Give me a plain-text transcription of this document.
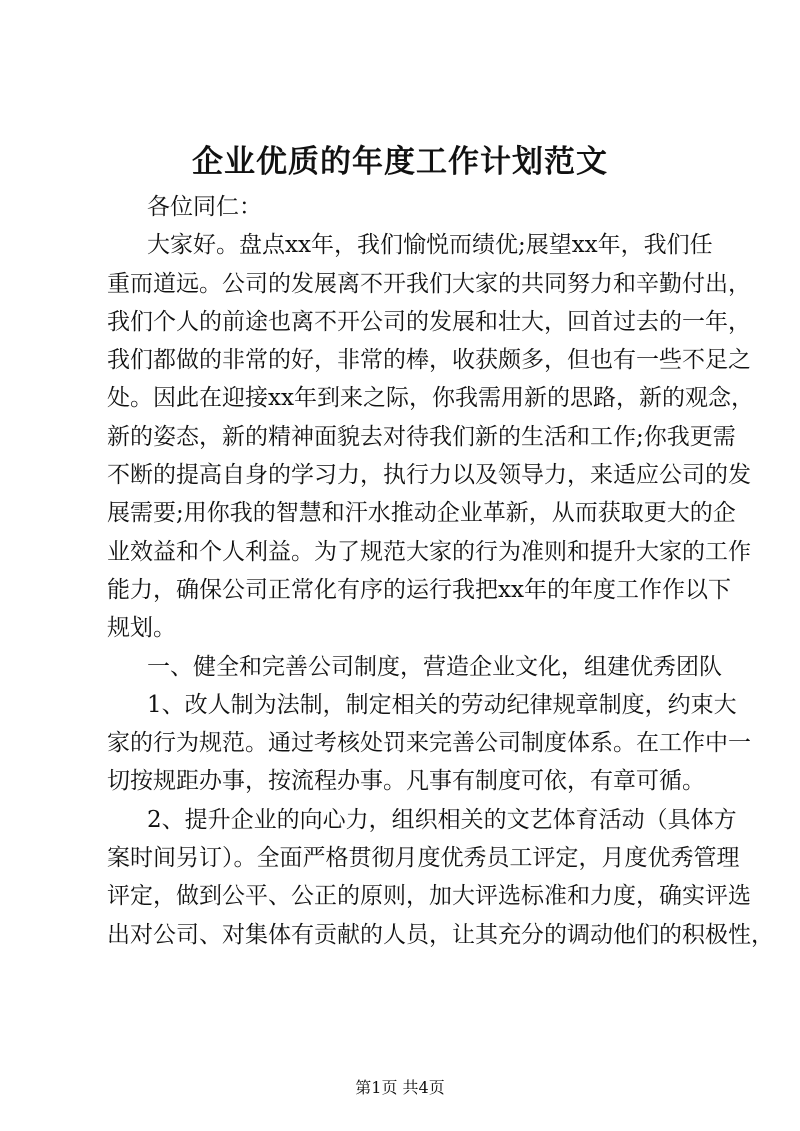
企业优质的年度工作计划范文
各位同仁：
大家好。盘点xx年，我们愉悦而绩优;展望xx年，我们任
重而道远。公司的发展离不开我们大家的共同努力和辛勤付出，
我们个人的前途也离不开公司的发展和壮大，回首过去的一年，
我们都做的非常的好，非常的棒，收获颇多，但也有一些不足之
处。因此在迎接xx年到来之际，你我需用新的思路，新的观念，
新的姿态，新的精神面貌去对待我们新的生活和工作;你我更需
不断的提高自身的学习力，执行力以及领导力，来适应公司的发
展需要;用你我的智慧和汗水推动企业革新，从而获取更大的企
业效益和个人利益。为了规范大家的行为准则和提升大家的工作
能力，确保公司正常化有序的运行我把xx年的年度工作作以下
规划。
一、健全和完善公司制度，营造企业文化，组建优秀团队
1、改人制为法制，制定相关的劳动纪律规章制度，约束大
家的行为规范。通过考核处罚来完善公司制度体系。在工作中一
切按规距办事，按流程办事。凡事有制度可依，有章可循。
2、提升企业的向心力，组织相关的文艺体育活动（具体方
案时间另订）。全面严格贯彻月度优秀员工评定，月度优秀管理
评定，做到公平、公正的原则，加大评选标准和力度，确实评选
出对公司、对集体有贡献的人员，让其充分的调动他们的积极性，
第1页 共4页
